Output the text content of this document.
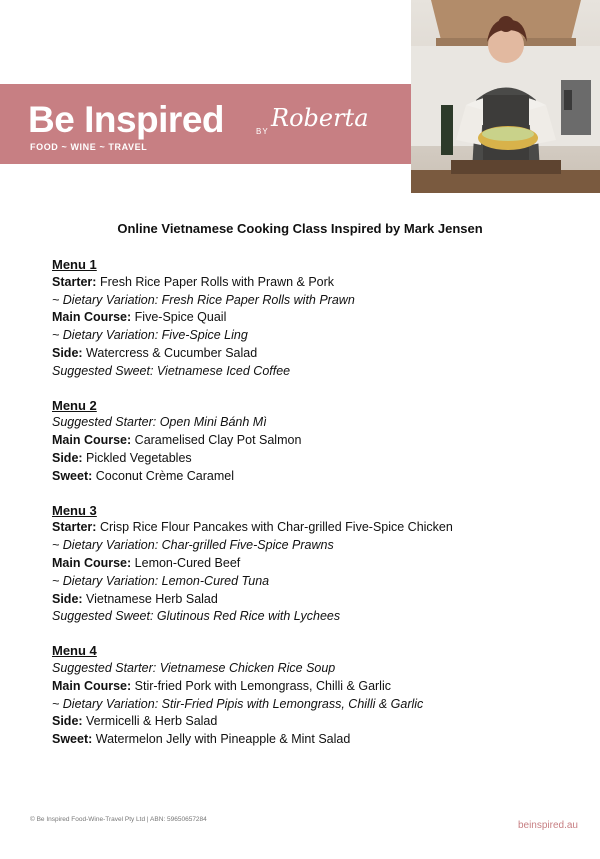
Be Inspired	BY Roberta
FOOD ~ WINE ~ TRAVEL
Online Vietnamese Cooking Class Inspired by Mark Jensen
Menu 1
Starter: Fresh Rice Paper Rolls with Prawn & Pork
~ Dietary Variation: Fresh Rice Paper Rolls with Prawn
Main Course: Five-Spice Quail
~ Dietary Variation: Five-Spice Ling
Side: Watercress & Cucumber Salad
Suggested Sweet: Vietnamese Iced Coffee
Menu 2
Suggested Starter: Open Mini Bánh Mì
Main Course: Caramelised Clay Pot Salmon
Side: Pickled Vegetables
Sweet: Coconut Crème Caramel
Menu 3
Starter: Crisp Rice Flour Pancakes with Char-grilled Five-Spice Chicken
~ Dietary Variation: Char-grilled Five-Spice Prawns
Main Course: Lemon-Cured Beef
~ Dietary Variation: Lemon-Cured Tuna
Side: Vietnamese Herb Salad
Suggested Sweet: Glutinous Red Rice with Lychees
Menu 4
Suggested Starter: Vietnamese Chicken Rice Soup
Main Course: Stir-fried Pork with Lemongrass, Chilli & Garlic
~ Dietary Variation: Stir-Fried Pipis with Lemongrass, Chilli & Garlic
Side: Vermicelli & Herb Salad
Sweet: Watermelon Jelly with Pineapple & Mint Salad
© Be Inspired Food-Wine-Travel Pty Ltd | ABN: 59650657284
beinspired.au
